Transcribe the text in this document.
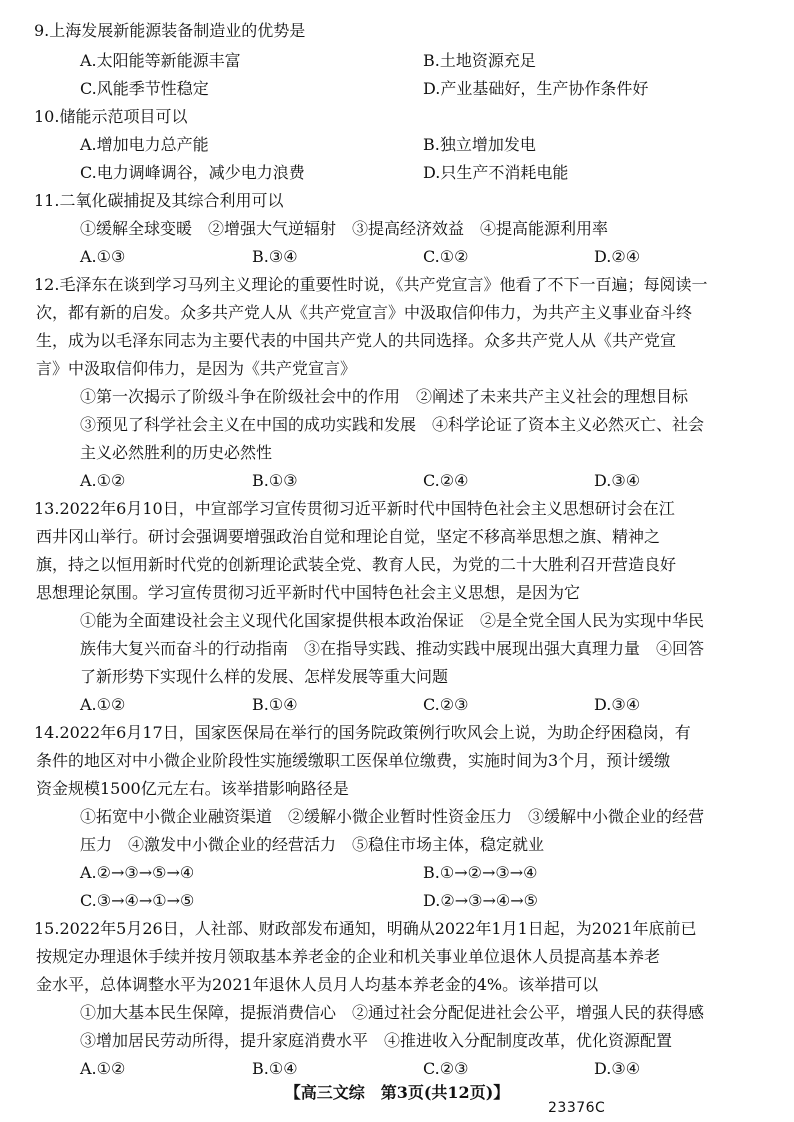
9.上海发展新能源装备制造业的优势是
A.太阳能等新能源丰富	B.土地资源充足
C.风能季节性稳定	D.产业基础好，生产协作条件好
10.储能示范项目可以
A.增加电力总产能	B.独立增加发电
C.电力调峰调谷，减少电力浪费	D.只生产不消耗电能
11.二氧化碳捕捉及其综合利用可以
①缓解全球变暖　②增强大气逆辐射　③提高经济效益　④提高能源利用率
A.①③	B.③④	C.①②	D.②④
12.毛泽东在谈到学习马列主义理论的重要性时说，《共产党宣言》他看了不下一百遍；每阅读一
次，都有新的启发。众多共产党人从《共产党宣言》中汲取信仰伟力，为共产主义事业奋斗终
生，成为以毛泽东同志为主要代表的中国共产党人的共同选择。众多共产党人从《共产党宣
言》中汲取信仰伟力，是因为《共产党宣言》
①第一次揭示了阶级斗争在阶级社会中的作用　②阐述了未来共产主义社会的理想目标
③预见了科学社会主义在中国的成功实践和发展　④科学论证了资本主义必然灭亡、社会
主义必然胜利的历史必然性
A.①②	B.①③	C.②④	D.③④
13.2022年6月10日，中宣部学习宣传贯彻习近平新时代中国特色社会主义思想研讨会在江
西井冈山举行。研讨会强调要增强政治自觉和理论自觉，坚定不移高举思想之旗、精神之
旗，持之以恒用新时代党的创新理论武装全党、教育人民，为党的二十大胜利召开营造良好
思想理论氛围。学习宣传贯彻习近平新时代中国特色社会主义思想，是因为它
①能为全面建设社会主义现代化国家提供根本政治保证　②是全党全国人民为实现中华民
族伟大复兴而奋斗的行动指南　③在指导实践、推动实践中展现出强大真理力量　④回答
了新形势下实现什么样的发展、怎样发展等重大问题
A.①②	B.①④	C.②③	D.③④
14.2022年6月17日，国家医保局在举行的国务院政策例行吹风会上说，为助企纾困稳岗，有
条件的地区对中小微企业阶段性实施缓缴职工医保单位缴费，实施时间为3个月，预计缓缴
资金规模1500亿元左右。该举措影响路径是
①拓宽中小微企业融资渠道　②缓解小微企业暂时性资金压力　③缓解中小微企业的经营
压力　④激发中小微企业的经营活力　⑤稳住市场主体，稳定就业
A.②→③→⑤→④	B.①→②→③→④
C.③→④→①→⑤	D.②→③→④→⑤
15.2022年5月26日，人社部、财政部发布通知，明确从2022年1月1日起，为2021年底前已
按规定办理退休手续并按月领取基本养老金的企业和机关事业单位退休人员提高基本养老
金水平，总体调整水平为2021年退休人员月人均基本养老金的4%。该举措可以
①加大基本民生保障，提振消费信心　②通过社会分配促进社会公平，增强人民的获得感
③增加居民劳动所得，提升家庭消费水平　④推进收入分配制度改革，优化资源配置
A.①②	B.①④	C.②③	D.③④
【高三文综　第3页(共12页)】
23376C
